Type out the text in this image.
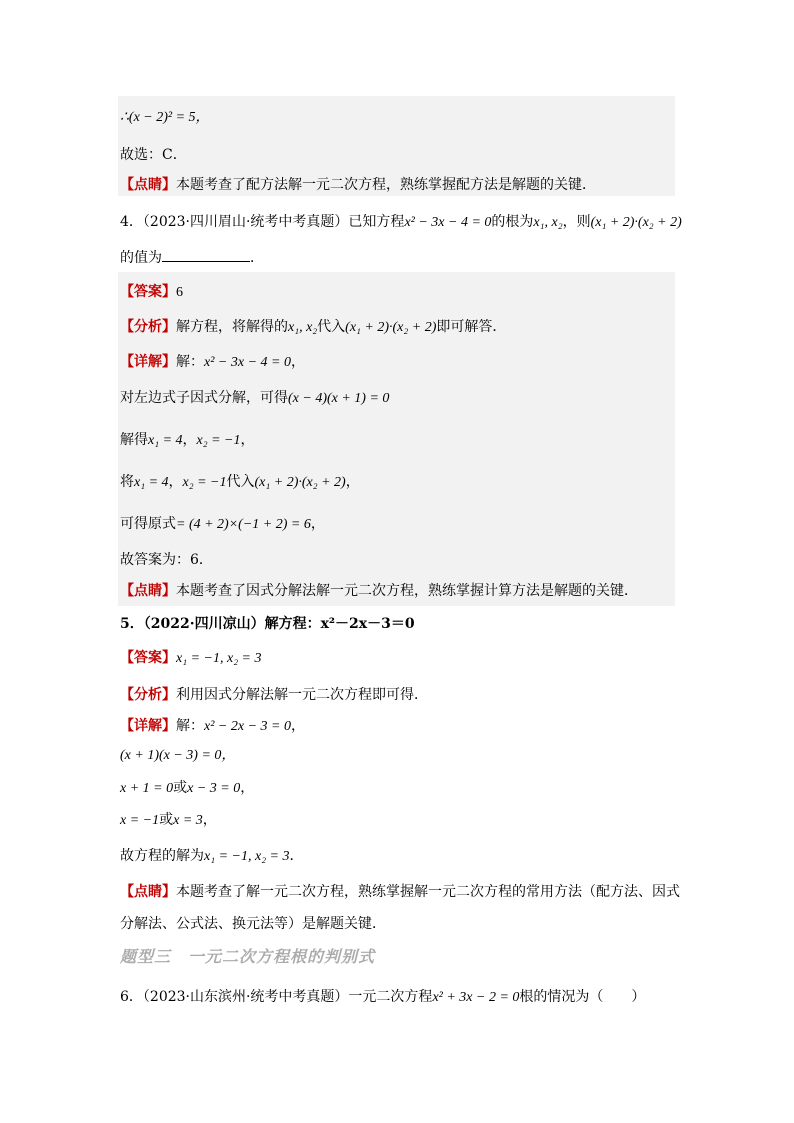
∴(x − 2)² = 5，
故选：C．
【点睛】本题考查了配方法解一元二次方程，熟练掌握配方法是解题的关键．
4．（2023·四川眉山·统考中考真题）已知方程x² − 3x − 4 = 0的根为x₁, x₂，则(x₁ + 2)·(x₂ + 2)
的值为	．
【答案】6
【分析】解方程，将解得的x₁, x₂代入(x₁ + 2)·(x₂ + 2)即可解答．
【详解】解：x² − 3x − 4 = 0，
对左边式子因式分解，可得(x − 4)(x + 1) = 0
解得x₁ = 4，x₂ = −1，
将x₁ = 4，x₂ = −1代入(x₁ + 2)·(x₂ + 2)，
可得原式= (4 + 2)×(−1 + 2) = 6，
故答案为：6．
【点睛】本题考查了因式分解法解一元二次方程，熟练掌握计算方法是解题的关键．
5．（2022·四川凉山）解方程：x²－2x－3＝0
【答案】x₁ = −1, x₂ = 3
【分析】利用因式分解法解一元二次方程即可得．
【详解】解：x² − 2x − 3 = 0，
(x + 1)(x − 3) = 0，
x + 1 = 0或x − 3 = 0，
x = −1或x = 3，
故方程的解为x₁ = −1, x₂ = 3．
【点睛】本题考查了解一元二次方程，熟练掌握解一元二次方程的常用方法（配方法、因式
分解法、公式法、换元法等）是解题关键．
题型三　一元二次方程根的判别式
6．（2023·山东滨州·统考中考真题）一元二次方程x² + 3x − 2 = 0根的情况为（　　）
